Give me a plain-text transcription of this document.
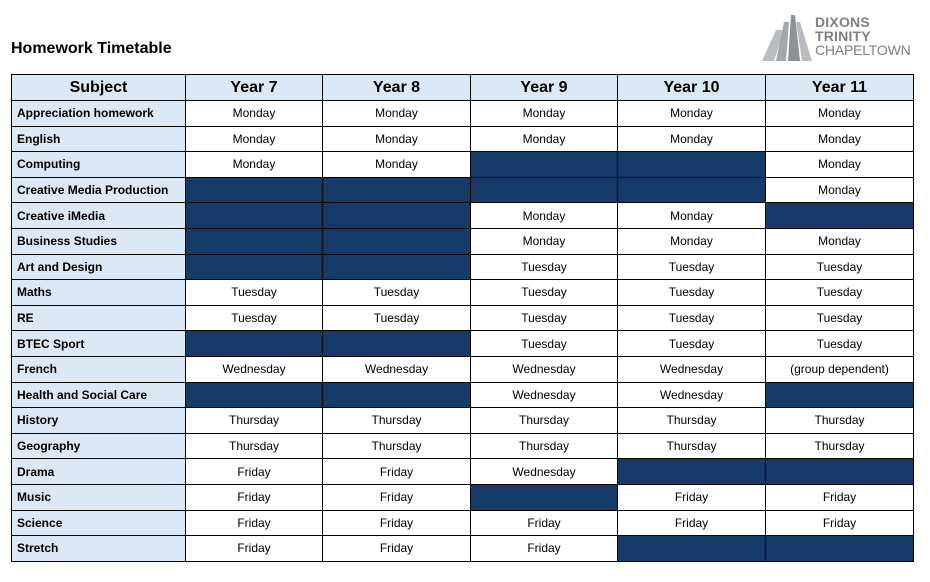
Homework Timetable
DIXONS
TRINITY
CHAPELTOWN
Subject	Year 7	Year 8	Year 9	Year 10	Year 11
Appreciation homework	Monday	Monday	Monday	Monday	Monday
English	Monday	Monday	Monday	Monday	Monday
Computing	Monday	Monday			Monday
Creative Media Production					Monday
Creative iMedia			Monday	Monday	
Business Studies			Monday	Monday	Monday
Art and Design			Tuesday	Tuesday	Tuesday
Maths	Tuesday	Tuesday	Tuesday	Tuesday	Tuesday
RE	Tuesday	Tuesday	Tuesday	Tuesday	Tuesday
BTEC Sport			Tuesday	Tuesday	Tuesday
French	Wednesday	Wednesday	Wednesday	Wednesday	(group dependent)
Health and Social Care			Wednesday	Wednesday	
History	Thursday	Thursday	Thursday	Thursday	Thursday
Geography	Thursday	Thursday	Thursday	Thursday	Thursday
Drama	Friday	Friday	Wednesday		
Music	Friday	Friday		Friday	Friday
Science	Friday	Friday	Friday	Friday	Friday
Stretch	Friday	Friday	Friday		
